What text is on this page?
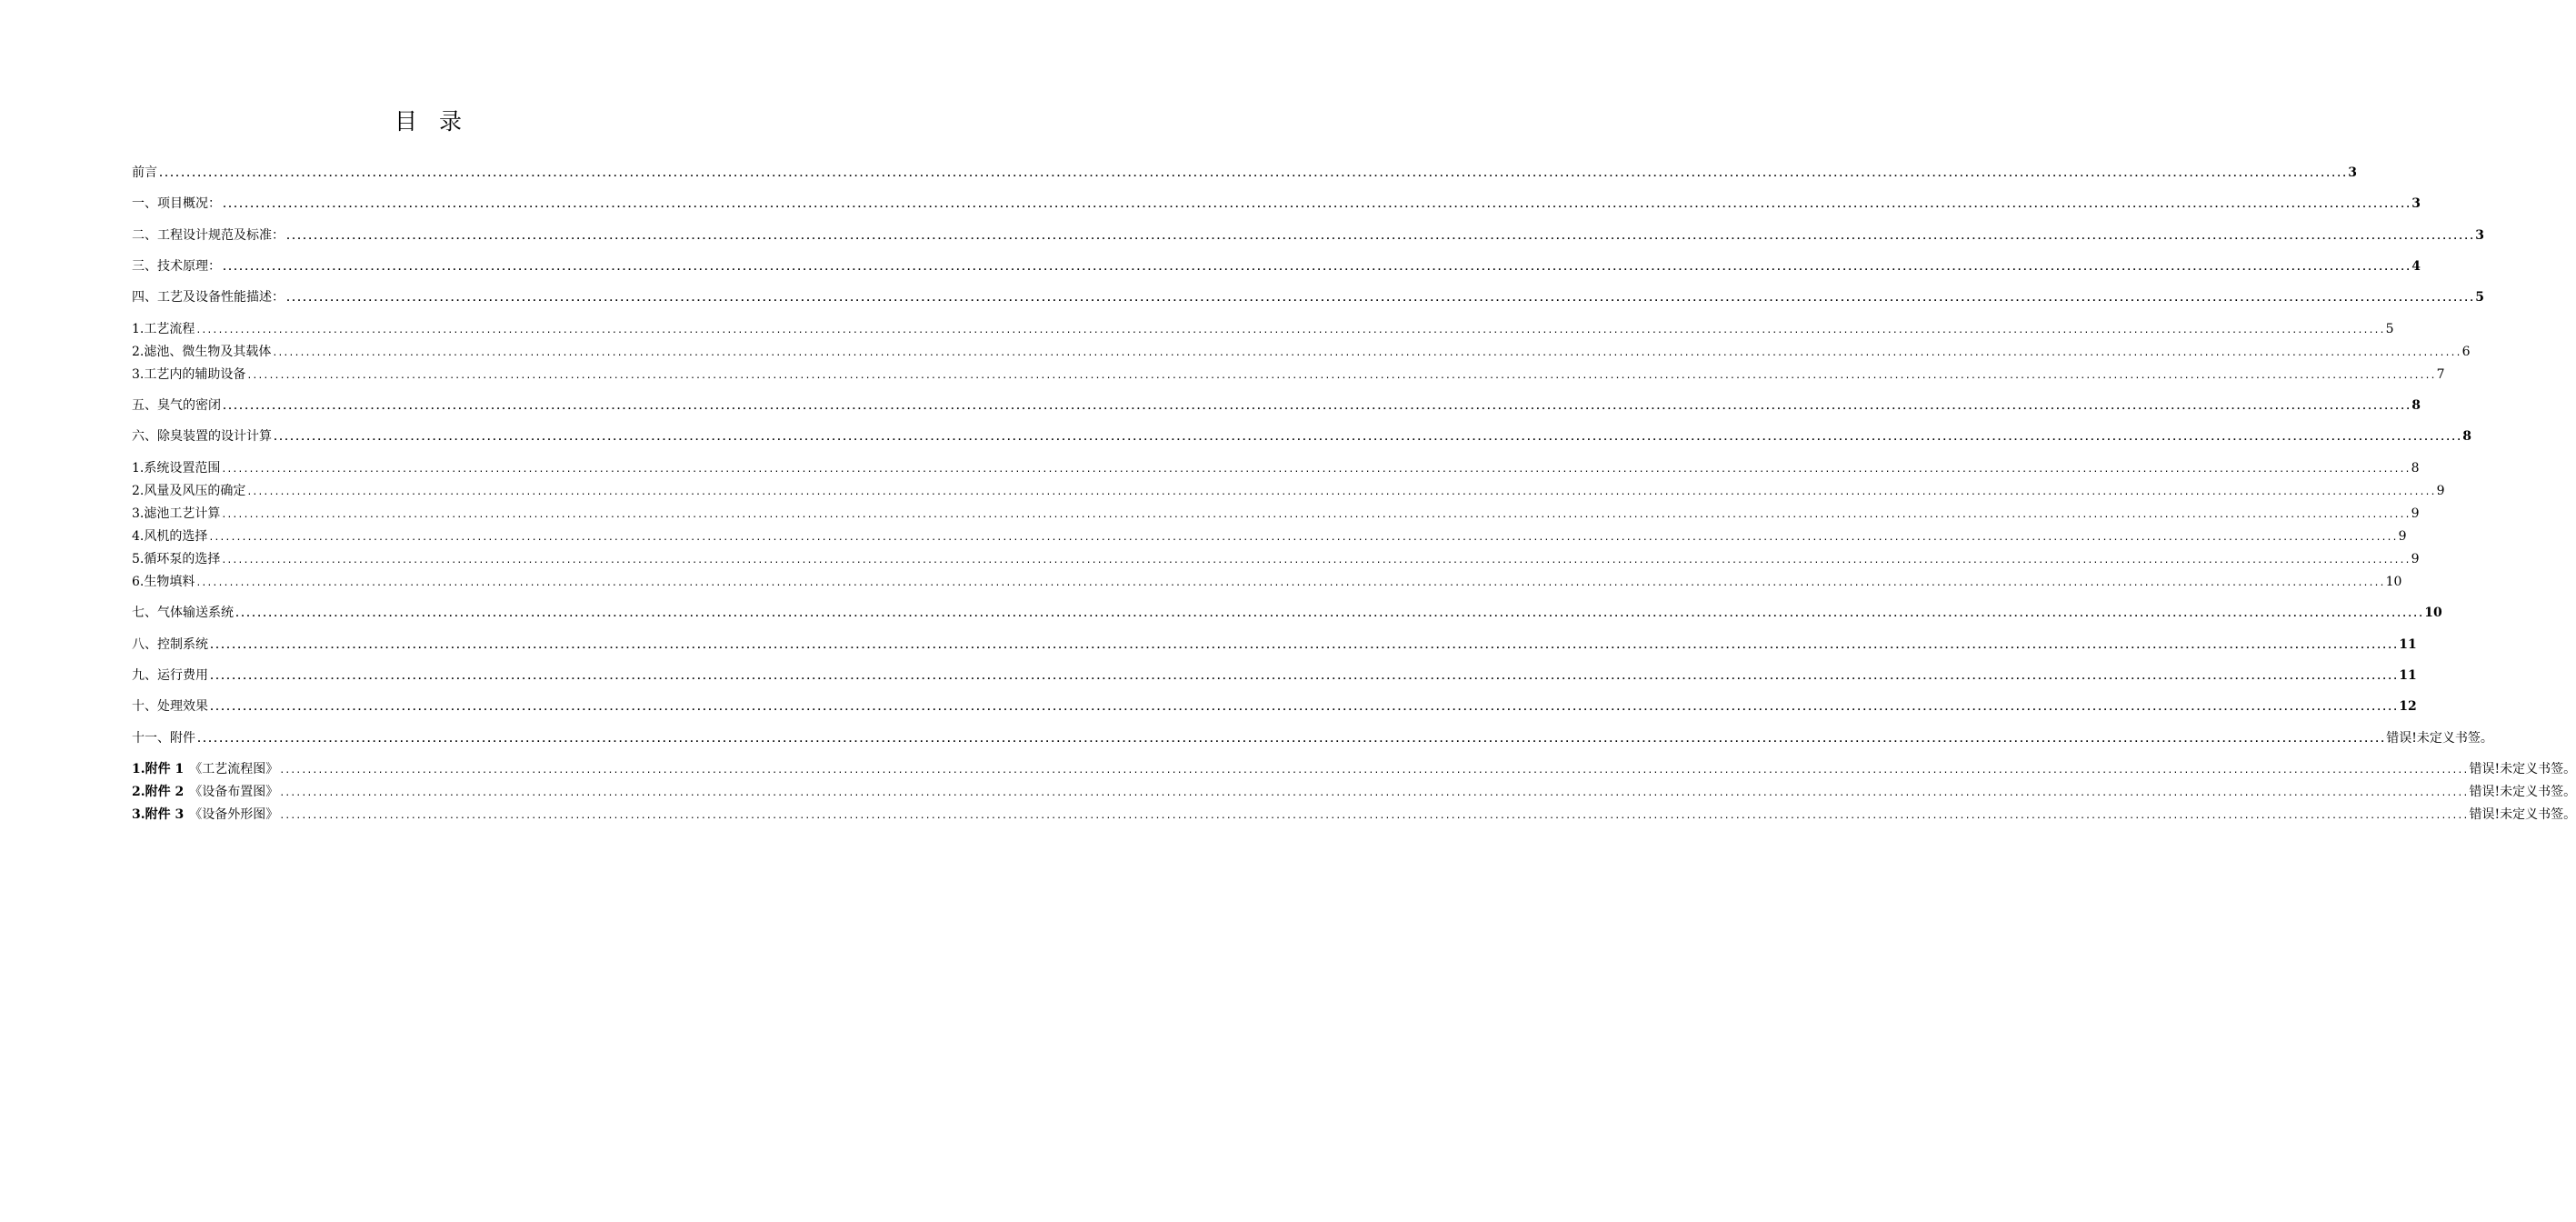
目 录
前言 ................................................................................................................................................................................................................................................................................................................................................................................................................ 3
一、 项目概况： ................................................................................................................................................................................................................................................................................................................................................................................................................ 3
二、 工程设计规范及标准： ................................................................................................................................................................................................................................................................................................................................................................................................................ 3
三、 技术原理： ................................................................................................................................................................................................................................................................................................................................................................................................................ 4
四、 工艺及设备性能描述： ................................................................................................................................................................................................................................................................................................................................................................................................................ 5
1. 工艺流程 ................................................................................................................................................................................................................................................................................................................................................................................................................ 5
2. 滤池、微生物及其载体 ................................................................................................................................................................................................................................................................................................................................................................................................................ 6
3. 工艺内的辅助设备 ................................................................................................................................................................................................................................................................................................................................................................................................................ 7
五、 臭气的密闭 ................................................................................................................................................................................................................................................................................................................................................................................................................ 8
六、 除臭装置的设计计算 ................................................................................................................................................................................................................................................................................................................................................................................................................ 8
1. 系统设置范围 ................................................................................................................................................................................................................................................................................................................................................................................................................ 8
2. 风量及风压的确定 ................................................................................................................................................................................................................................................................................................................................................................................................................ 9
3. 滤池工艺计算 ................................................................................................................................................................................................................................................................................................................................................................................................................ 9
4. 风机的选择 ................................................................................................................................................................................................................................................................................................................................................................................................................ 9
5. 循环泵的选择 ................................................................................................................................................................................................................................................................................................................................................................................................................ 9
6. 生物填料 ................................................................................................................................................................................................................................................................................................................................................................................................................ 10
七、 气体输送系统 ................................................................................................................................................................................................................................................................................................................................................................................................................ 10
八、 控制系统 ................................................................................................................................................................................................................................................................................................................................................................................................................ 11
九、 运行费用 ................................................................................................................................................................................................................................................................................................................................................................................................................ 11
十、 处理效果 ................................................................................................................................................................................................................................................................................................................................................................................................................ 12
十一、 附件 ................................................................................................................................................................................................................................................................................................................................................................................................................ 错误!未定义书签。
1. 附件 1 《工艺流程图》 ................................................................................................................................................................................................................................................................................................................................................................................................................ 错误!未定义书签。
2. 附件 2 《设备布置图》 ................................................................................................................................................................................................................................................................................................................................................................................................................ 错误!未定义书签。
3. 附件 3 《设备外形图》 ................................................................................................................................................................................................................................................................................................................................................................................................................ 错误!未定义书签。
